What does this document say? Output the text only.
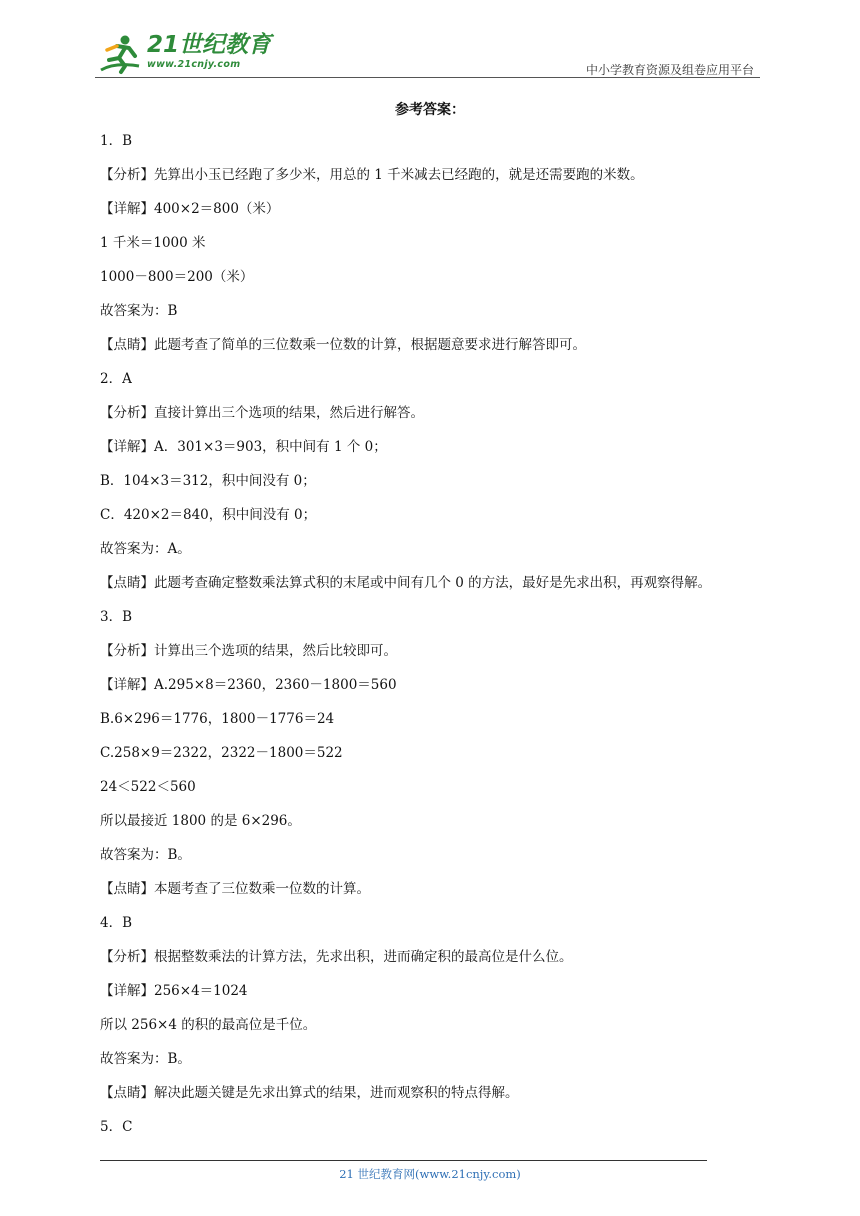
21世纪教育
www.21cnjy.com	中小学教育资源及组卷应用平台
参考答案：
1．B
【分析】先算出小玉已经跑了多少米，用总的 1 千米减去已经跑的，就是还需要跑的米数。
【详解】400×2＝800（米）
1 千米＝1000 米
1000－800＝200（米）
故答案为：B
【点睛】此题考查了简单的三位数乘一位数的计算，根据题意要求进行解答即可。
2．A
【分析】直接计算出三个选项的结果，然后进行解答。
【详解】A．301×3＝903，积中间有 1 个 0；
B．104×3＝312，积中间没有 0；
C．420×2＝840，积中间没有 0；
故答案为：A。
【点睛】此题考查确定整数乘法算式积的末尾或中间有几个 0 的方法，最好是先求出积，再观察得解。
3．B
【分析】计算出三个选项的结果，然后比较即可。
【详解】A.295×8＝2360，2360－1800＝560
B.6×296＝1776，1800－1776＝24
C.258×9＝2322，2322－1800＝522
24＜522＜560
所以最接近 1800 的是 6×296。
故答案为：B。
【点睛】本题考查了三位数乘一位数的计算。
4．B
【分析】根据整数乘法的计算方法，先求出积，进而确定积的最高位是什么位。
【详解】256×4＝1024
所以 256×4 的积的最高位是千位。
故答案为：B。
【点睛】解决此题关键是先求出算式的结果，进而观察积的特点得解。
5．C
21 世纪教育网(www.21cnjy.com)
